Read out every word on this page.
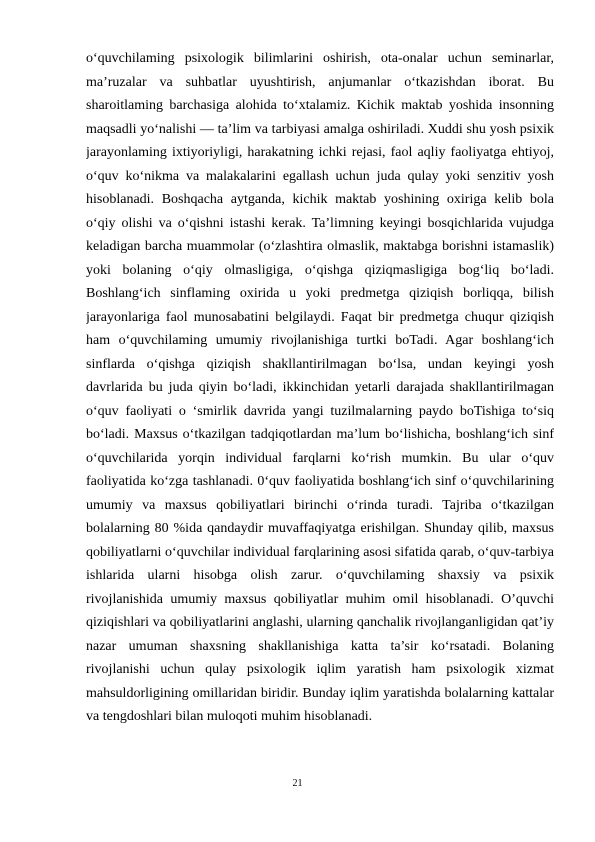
o‘quvchilaming psixologik bilimlarini oshirish, ota-onalar uchun seminarlar,
ma’ruzalar va suhbatlar uyushtirish, anjumanlar o‘tkazishdan iborat. Bu
sharoitlaming barchasiga alohida to‘xtalamiz. Kichik maktab yoshida insonning
maqsadli yo‘nalishi — ta’lim va tarbiyasi amalga oshiriladi. Xuddi shu yosh psixik
jarayonlaming ixtiyoriyligi, harakatning ichki rejasi, faol aqliy faoliyatga ehtiyoj,
o‘quv ko‘nikma va malakalarini egallash uchun juda qulay yoki senzitiv yosh
hisoblanadi. Boshqacha aytganda, kichik maktab yoshining oxiriga kelib bola
o‘qiy olishi va o‘qishni istashi kerak. Ta’limning keyingi bosqichlarida vujudga
keladigan barcha muammolar (o‘zlashtira olmaslik, maktabga borishni istamaslik)
yoki bolaning o‘qiy olmasligiga, o‘qishga qiziqmasligiga bog‘liq bo‘ladi.
Boshlang‘ich sinflaming oxirida u yoki predmetga qiziqish borliqqa, bilish
jarayonlariga faol munosabatini belgilaydi. Faqat bir predmetga chuqur qiziqish
ham o‘quvchilaming umumiy rivojlanishiga turtki boTadi. Agar boshlang‘ich
sinflarda o‘qishga qiziqish shakllantirilmagan bo‘lsa, undan keyingi yosh
davrlarida bu juda qiyin bo‘ladi, ikkinchidan yetarli darajada shakllantirilmagan
o‘quv faoliyati o ‘smirlik davrida yangi tuzilmalarning paydo boTishiga to‘siq
bo‘ladi. Maxsus o‘tkazilgan tadqiqotlardan ma’lum bo‘lishicha, boshlang‘ich sinf
o‘quvchilarida yorqin individual farqlarni ko‘rish mumkin. Bu ular o‘quv
faoliyatida ko‘zga tashlanadi. 0‘quv faoliyatida boshlang‘ich sinf o‘quvchilarining
umumiy va maxsus qobiliyatlari birinchi o‘rinda turadi. Tajriba o‘tkazilgan
bolalarning 80 %ida qandaydir muvaffaqiyatga erishilgan. Shunday qilib, maxsus
qobiliyatlarni o‘quvchilar individual farqlarining asosi sifatida qarab, o‘quv-tarbiya
ishlarida ularni hisobga olish zarur. o‘quvchilaming shaxsiy va psixik
rivojlanishida umumiy maxsus qobiliyatlar muhim omil hisoblanadi. O’quvchi
qiziqishlari va qobiliyatlarini anglashi, ularning qanchalik rivojlanganligidan qat’iy
nazar umuman shaxsning shakllanishiga katta ta’sir ko‘rsatadi. Bolaning
rivojlanishi uchun qulay psixologik iqlim yaratish ham psixologik xizmat
mahsuldorligining omillaridan biridir. Bunday iqlim yaratishda bolalarning kattalar
va tengdoshlari bilan muloqoti muhim hisoblanadi.
21
